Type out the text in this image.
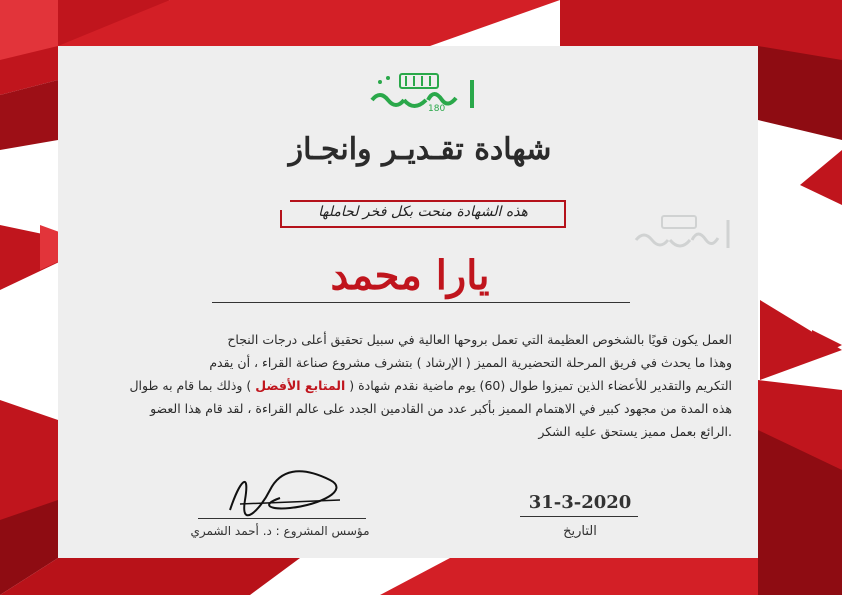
180
شهادة تقـديـر وانجـاز
هذه الشهادة منحت بكل فخر لحاملها
يارا محمد
العمل يكون قويًا بالشخوص العظيمة التي تعمل بروحها العالية في سبيل تحقيق أعلى درجات النجاح
وهذا ما يحدث في فريق المرحلة التحضيرية المميز ( الإرشاد ) بتشرف مشروع صناعة القراء ، أن يقدم
التكريم والتقدير للأعضاء الذين تميزوا طوال (60) يوم ماضية نقدم شهادة ( المتابع الأفضل ) وذلك بما قام به طوال
هذه المدة من مجهود كبير في الاهتمام المميز بأكبر عدد من القادمين الجدد على عالم القراءة ، لقد قام هذا العضو
.الرائع بعمل مميز يستحق عليه الشكر
مؤسس المشروع : د. أحمد الشمري
31-3-2020
التاريخ
